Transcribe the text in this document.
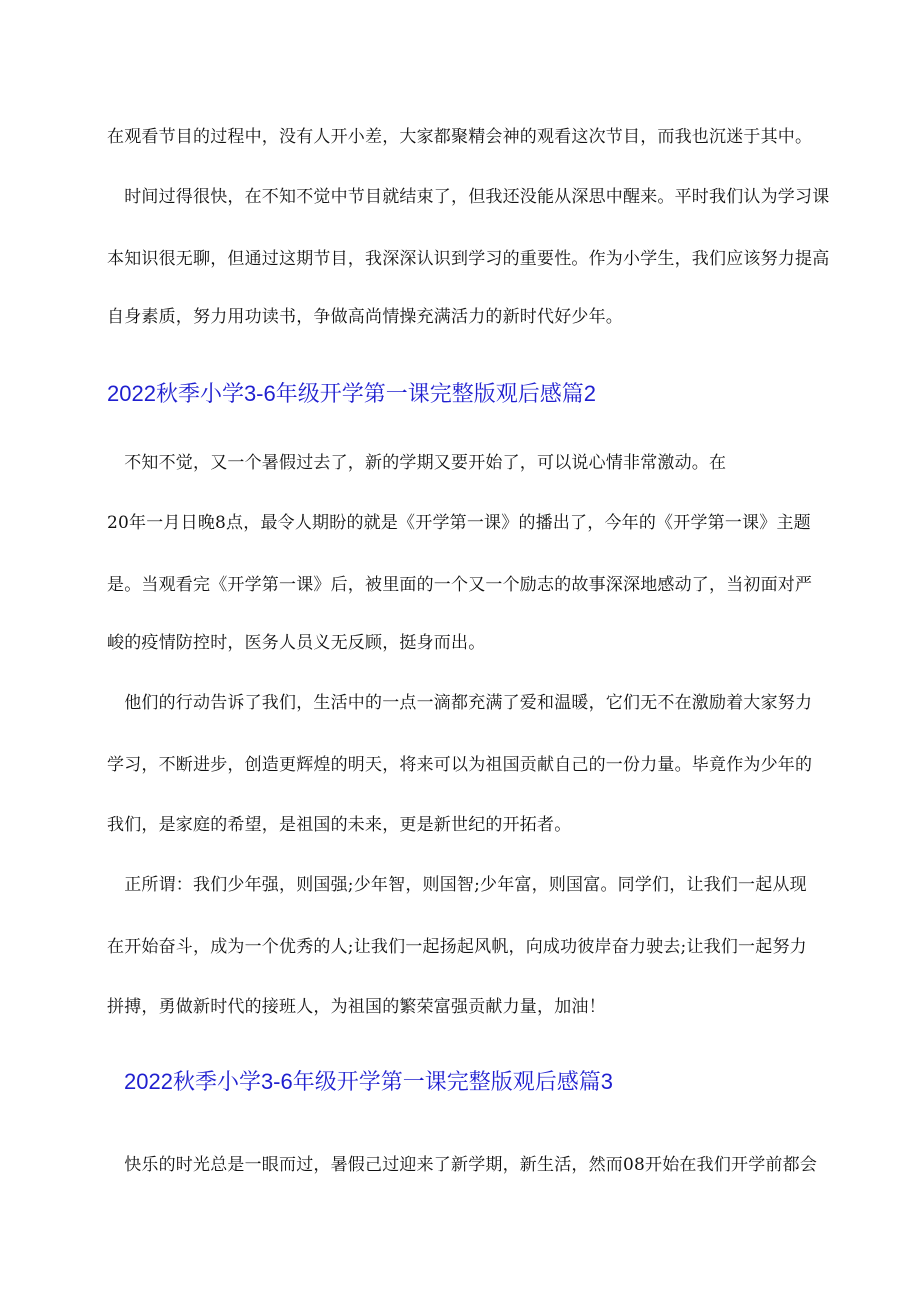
在观看节目的过程中，没有人开小差，大家都聚精会神的观看这次节目，而我也沉迷于其中。
　时间过得很快，在不知不觉中节目就结束了，但我还没能从深思中醒来。平时我们认为学习课
本知识很无聊，但通过这期节目，我深深认识到学习的重要性。作为小学生，我们应该努力提高
自身素质，努力用功读书，争做高尚情操充满活力的新时代好少年。
2022秋季小学3-6年级开学第一课完整版观后感篇2
　不知不觉，又一个暑假过去了，新的学期又要开始了，可以说心情非常激动。在
20年一月日晚8点，最令人期盼的就是《开学第一课》的播出了，今年的《开学第一课》主题
是。当观看完《开学第一课》后，被里面的一个又一个励志的故事深深地感动了，当初面对严
峻的疫情防控时，医务人员义无反顾，挺身而出。
　他们的行动告诉了我们，生活中的一点一滴都充满了爱和温暖，它们无不在激励着大家努力
学习，不断进步，创造更辉煌的明天，将来可以为祖国贡献自己的一份力量。毕竟作为少年的
我们，是家庭的希望，是祖国的未来，更是新世纪的开拓者。
　正所谓：我们少年强，则国强;少年智，则国智;少年富，则国富。同学们，让我们一起从现
在开始奋斗，成为一个优秀的人;让我们一起扬起风帆，向成功彼岸奋力驶去;让我们一起努力
拼搏，勇做新时代的接班人，为祖国的繁荣富强贡献力量，加油！
2022秋季小学3-6年级开学第一课完整版观后感篇3
　快乐的时光总是一眼而过，暑假己过迎来了新学期，新生活，然而08开始在我们开学前都会
